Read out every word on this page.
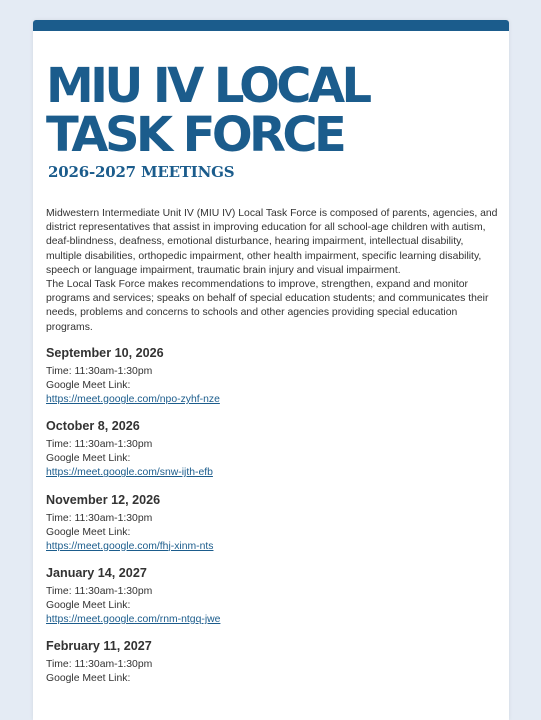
MIU IV LOCAL
TASK FORCE
2026-2027 MEETINGS

Midwestern Intermediate Unit IV (MIU IV) Local Task Force is composed of parents, agencies, and district representatives that assist in improving education for all school-age children with autism, deaf-blindness, deafness, emotional disturbance, hearing impairment, intellectual disability, multiple disabilities, orthopedic impairment, other health impairment, specific learning disability, speech or language impairment, traumatic brain injury and visual impairment.

The Local Task Force makes recommendations to improve, strengthen, expand and monitor programs and services; speaks on behalf of special education students; and communicates their needs, problems and concerns to schools and other agencies providing special education programs.

September 10, 2026

Time: 11:30am-1:30pm

Google Meet Link:

https://meet.google.com/npo-zyhf-nze

October 8, 2026

Time: 11:30am-1:30pm

Google Meet Link:

https://meet.google.com/snw-ijth-efb

November 12, 2026

Time: 11:30am-1:30pm

Google Meet Link:

https://meet.google.com/fhj-xinm-nts

January 14, 2027

Time: 11:30am-1:30pm

Google Meet Link:

https://meet.google.com/rnm-ntgq-jwe

February 11, 2027

Time: 11:30am-1:30pm

Google Meet Link:
